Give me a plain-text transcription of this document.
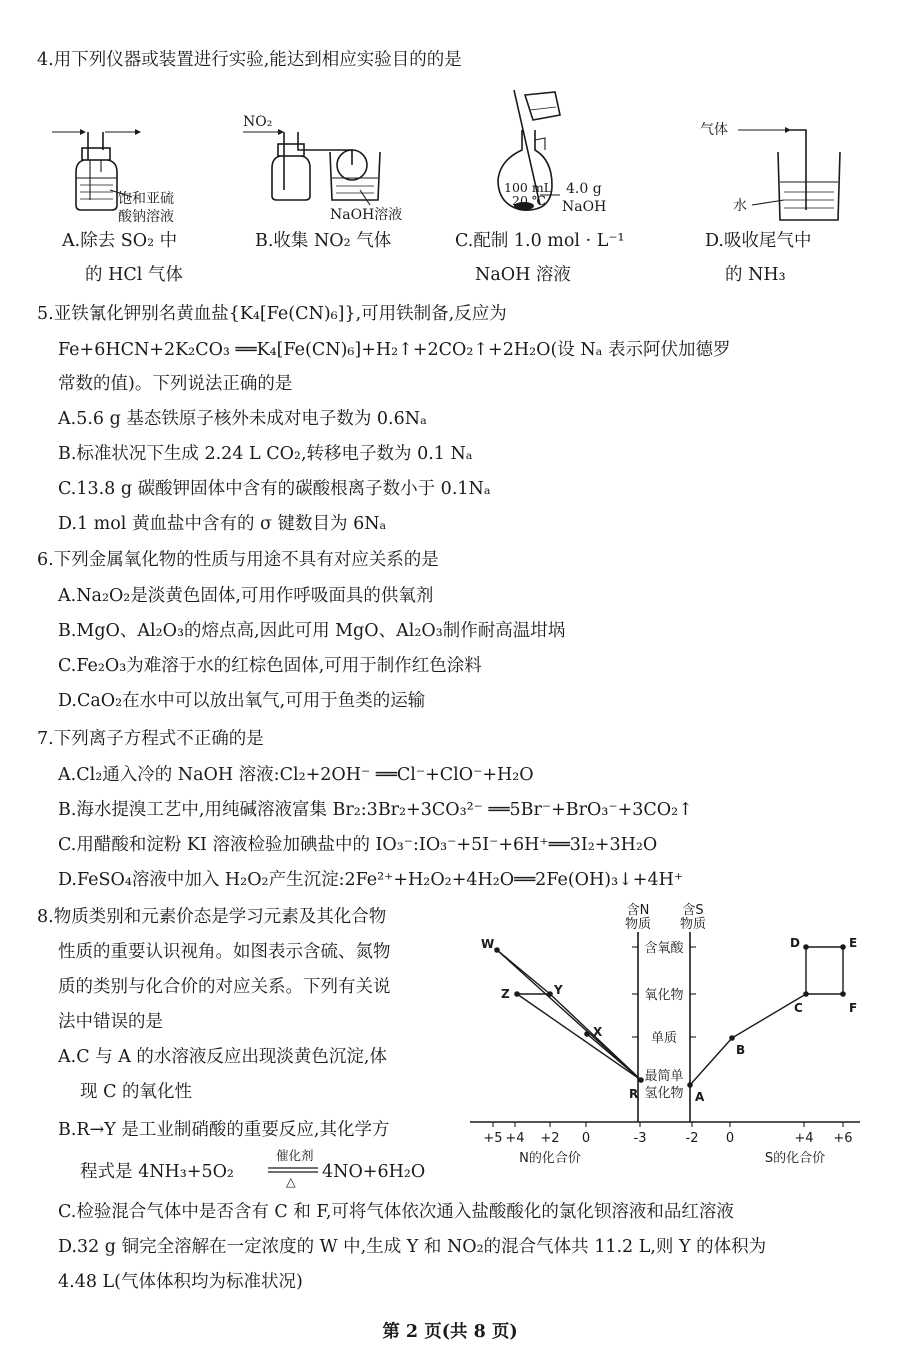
4.用下列仪器或装置进行实验,能达到相应实验目的的是
饱和亚硫
酸钠溶液
NO₂
NaOH溶液
100 mL
20 ℃
4.0 g
NaOH
气体
水
A.除去 SO₂ 中
的 HCl 气体
B.收集 NO₂ 气体	C.配制 1.0 mol · L⁻¹
NaOH 溶液
D.吸收尾气中
的 NH₃
5.亚铁氰化钾别名黄血盐{K₄[Fe(CN)₆]},可用铁制备,反应为
Fe+6HCN+2K₂CO₃ ══K₄[Fe(CN)₆]+H₂↑+2CO₂↑+2H₂O(设 Nₐ 表示阿伏加德罗
常数的值)。下列说法正确的是
A.5.6 g 基态铁原子核外未成对电子数为 0.6Nₐ
B.标准状况下生成 2.24 L CO₂,转移电子数为 0.1 Nₐ
C.13.8 g 碳酸钾固体中含有的碳酸根离子数小于 0.1Nₐ
D.1 mol 黄血盐中含有的 σ 键数目为 6Nₐ
6.下列金属氧化物的性质与用途不具有对应关系的是
A.Na₂O₂是淡黄色固体,可用作呼吸面具的供氧剂
B.MgO、Al₂O₃的熔点高,因此可用 MgO、Al₂O₃制作耐高温坩埚
C.Fe₂O₃为难溶于水的红棕色固体,可用于制作红色涂料
D.CaO₂在水中可以放出氧气,可用于鱼类的运输
7.下列离子方程式不正确的是
A.Cl₂通入冷的 NaOH 溶液:Cl₂+2OH⁻ ══Cl⁻+ClO⁻+H₂O
B.海水提溴工艺中,用纯碱溶液富集 Br₂:3Br₂+3CO₃²⁻ ══5Br⁻+BrO₃⁻+3CO₂↑
C.用醋酸和淀粉 KI 溶液检验加碘盐中的 IO₃⁻:IO₃⁻+5I⁻+6H⁺══3I₂+3H₂O
D.FeSO₄溶液中加入 H₂O₂产生沉淀:2Fe²⁺+H₂O₂+4H₂O══2Fe(OH)₃↓+4H⁺
8.物质类别和元素价态是学习元素及其化合物
性质的重要认识视角。如图表示含硫、氮物
质的类别与化合价的对应关系。下列有关说
法中错误的是
A.C 与 A 的水溶液反应出现淡黄色沉淀,体
现 C 的氧化性
B.R→Y 是工业制硝酸的重要反应,其化学方
程式是 4NH₃+5O₂
催化剂
△ 4NO+6H₂O
C.检验混合气体中是否含有 C 和 F,可将气体依次通入盐酸酸化的氯化钡溶液和品红溶液
D.32 g 铜完全溶解在一定浓度的 W 中,生成 Y 和 NO₂的混合气体共 11.2 L,则 Y 的体积为
4.48 L(气体体积均为标准状况)
+5 +4 +2 0	-3	-2 0	+4 +6
含氧酸
氧化物
单质
最简单
氢化物
W
Z	Y
X
R	A
B
C	F
D	E
含N
物质
含S
物质
N的化合价	S的化合价
第 2 页(共 8 页)
